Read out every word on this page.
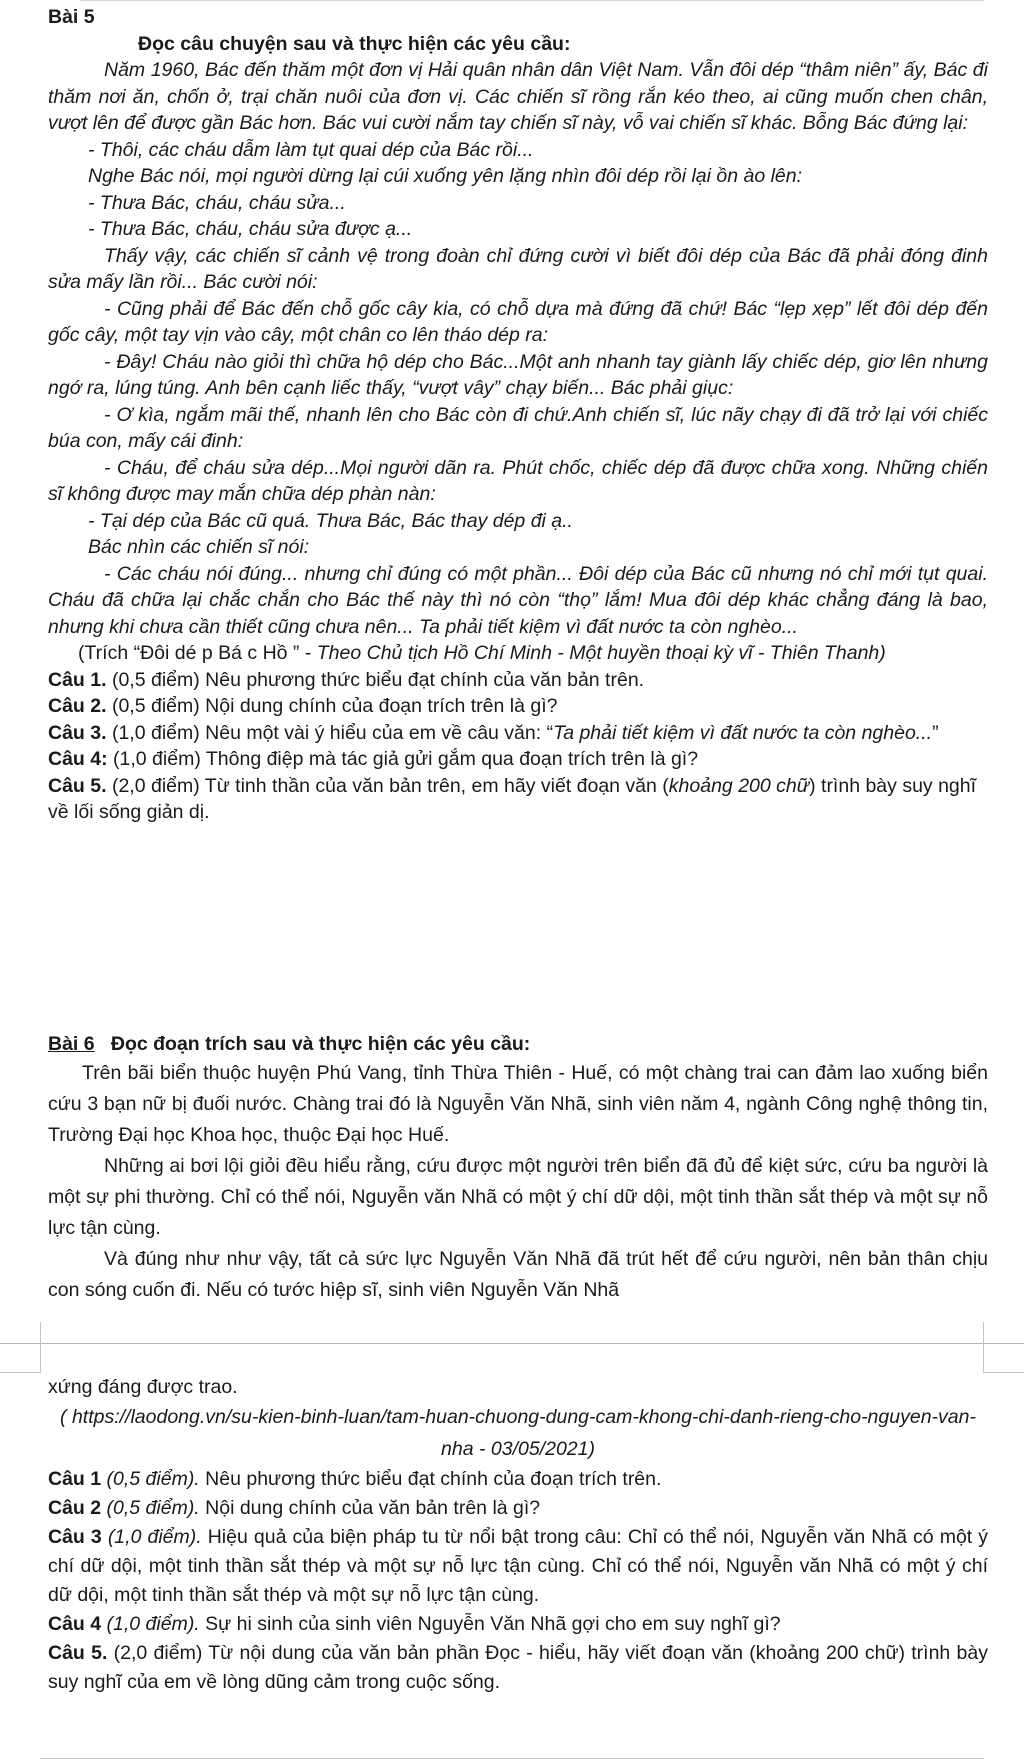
Bài 5

Đọc câu chuyện sau và thực hiện các yêu cầu:

Năm 1960, Bác đến thăm một đơn vị Hải quân nhân dân Việt Nam. Vẫn đôi dép “thâm niên” ấy, Bác đi thăm nơi ăn, chốn ở, trại chăn nuôi của đơn vị. Các chiến sĩ rồng rắn kéo theo, ai cũng muốn chen chân, vượt lên để được gần Bác hơn. Bác vui cười nắm tay chiến sĩ này, vỗ vai chiến sĩ khác. Bỗng Bác đứng lại:

- Thôi, các cháu dẫm làm tụt quai dép của Bác rồi...

Nghe Bác nói, mọi người dừng lại cúi xuống yên lặng nhìn đôi dép rồi lại ồn ào lên:

- Thưa Bác, cháu, cháu sửa...

- Thưa Bác, cháu, cháu sửa được ạ...

Thấy vậy, các chiến sĩ cảnh vệ trong đoàn chỉ đứng cười vì biết đôi dép của Bác đã phải đóng đinh sửa mấy lần rồi... Bác cười nói:

- Cũng phải để Bác đến chỗ gốc cây kia, có chỗ dựa mà đứng đã chứ! Bác “lẹp xẹp” lết đôi dép đến gốc cây, một tay vịn vào cây, một chân co lên tháo dép ra:

- Đây! Cháu nào giỏi thì chữa hộ dép cho Bác...Một anh nhanh tay giành lấy chiếc dép, giơ lên nhưng ngớ ra, lúng túng. Anh bên cạnh liếc thấy, “vượt vây” chạy biến... Bác phải giục:

- Ơ kìa, ngắm mãi thế, nhanh lên cho Bác còn đi chứ.Anh chiến sĩ, lúc nãy chạy đi đã trở lại với chiếc búa con, mấy cái đinh:

- Cháu, để cháu sửa dép...Mọi người dãn ra. Phút chốc, chiếc dép đã được chữa xong. Những chiến sĩ không được may mắn chữa dép phàn nàn:

- Tại dép của Bác cũ quá. Thưa Bác, Bác thay dép đi ạ..

Bác nhìn các chiến sĩ nói:

- Các cháu nói đúng... nhưng chỉ đúng có một phần... Đôi dép của Bác cũ nhưng nó chỉ mới tụt quai. Cháu đã chữa lại chắc chắn cho Bác thế này thì nó còn “thọ” lắm! Mua đôi dép khác chẳng đáng là bao, nhưng khi chưa cần thiết cũng chưa nên... Ta phải tiết kiệm vì đất nước ta còn nghèo...

(Trích “Đôi dé p Bá c Hồ ” - Theo Chủ tịch Hồ Chí Minh - Một huyền thoại kỳ vĩ - Thiên Thanh)

Câu 1. (0,5 điểm) Nêu phương thức biểu đạt chính của văn bản trên.

Câu 2. (0,5 điểm) Nội dung chính của đoạn trích trên là gì?

Câu 3. (1,0 điểm) Nêu một vài ý hiểu của em về câu văn: “Ta phải tiết kiệm vì đất nước ta còn nghèo...”

Câu 4: (1,0 điểm) Thông điệp mà tác giả gửi gắm qua đoạn trích trên là gì?

Câu 5. (2,0 điểm) Từ tinh thần của văn bản trên, em hãy viết đoạn văn (khoảng 200 chữ) trình bày suy nghĩ về lối sống giản dị.

Bài 6 Đọc đoạn trích sau và thực hiện các yêu cầu:

Trên bãi biển thuộc huyện Phú Vang, tỉnh Thừa Thiên - Huế, có một chàng trai can đảm lao xuống biển cứu 3 bạn nữ bị đuối nước. Chàng trai đó là Nguyễn Văn Nhã, sinh viên năm 4, ngành Công nghệ thông tin, Trường Đại học Khoa học, thuộc Đại học Huế.

Những ai bơi lội giỏi đều hiểu rằng, cứu được một người trên biển đã đủ để kiệt sức, cứu ba người là một sự phi thường. Chỉ có thể nói, Nguyễn văn Nhã có một ý chí dữ dội, một tinh thần sắt thép và một sự nỗ lực tận cùng.

Và đúng như như vậy, tất cả sức lực Nguyễn Văn Nhã đã trút hết để cứu người, nên bản thân chịu con sóng cuốn đi. Nếu có tước hiệp sĩ, sinh viên Nguyễn Văn Nhã

xứng đáng được trao.

( https://laodong.vn/su-kien-binh-luan/tam-huan-chuong-dung-cam-khong-chi-danh-rieng-cho-nguyen-van-nha - 03/05/2021)

Câu 1 (0,5 điểm). Nêu phương thức biểu đạt chính của đoạn trích trên.

Câu 2 (0,5 điểm). Nội dung chính của văn bản trên là gì?

Câu 3 (1,0 điểm). Hiệu quả của biện pháp tu từ nổi bật trong câu: Chỉ có thể nói, Nguyễn văn Nhã có một ý chí dữ dội, một tinh thần sắt thép và một sự nỗ lực tận cùng. Chỉ có thể nói, Nguyễn văn Nhã có một ý chí dữ dội, một tinh thần sắt thép và một sự nỗ lực tận cùng.

Câu 4 (1,0 điểm). Sự hi sinh của sinh viên Nguyễn Văn Nhã gợi cho em suy nghĩ gì?

Câu 5. (2,0 điểm) Từ nội dung của văn bản phần Đọc - hiểu, hãy viết đoạn văn (khoảng 200 chữ) trình bày suy nghĩ của em về lòng dũng cảm trong cuộc sống.
